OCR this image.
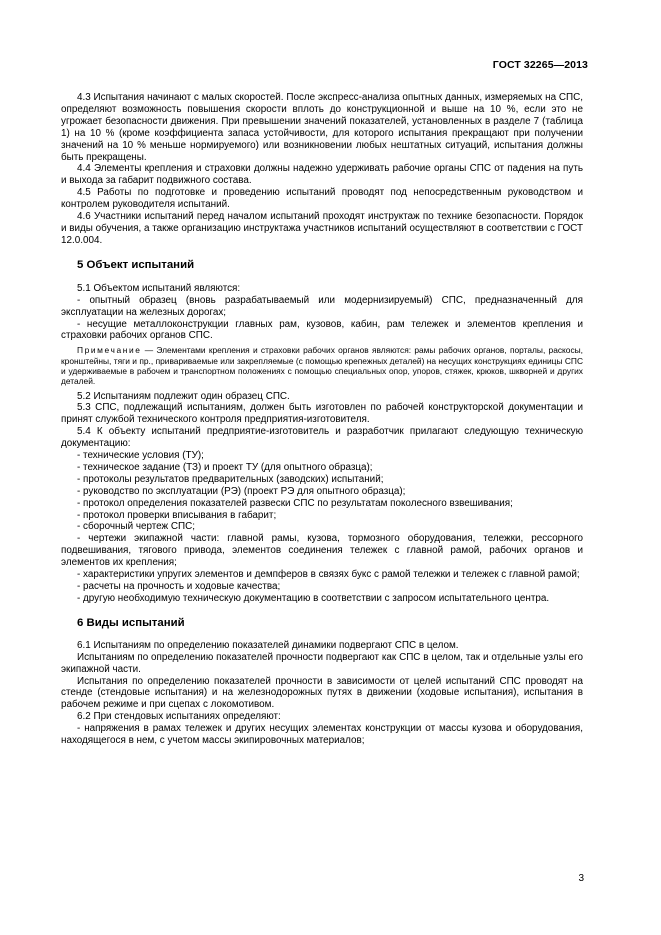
ГОСТ 32265—2013

4.3 Испытания начинают с малых скоростей. После экспресс-анализа опытных данных, измеряемых на СПС, определяют возможность повышения скорости вплоть до конструкционной и выше на 10 %, если это не угрожает безопасности движения. При превышении значений показателей, установленных в разделе 7 (таблица 1) на 10 % (кроме коэффициента запаса устойчивости, для которого испытания прекращают при получении значений на 10 % меньше нормируемого) или возникновении любых нештатных ситуаций, испытания должны быть прекращены.

4.4 Элементы крепления и страховки должны надежно удерживать рабочие органы СПС от падения на путь и выхода за габарит подвижного состава.

4.5 Работы по подготовке и проведению испытаний проводят под непосредственным руководством и контролем руководителя испытаний.

4.6 Участники испытаний перед началом испытаний проходят инструктаж по технике безопасности. Порядок и виды обучения, а также организацию инструктажа участников испытаний осуществляют в соответствии с ГОСТ 12.0.004.

5 Объект испытаний

5.1 Объектом испытаний являются:

- опытный образец (вновь разрабатываемый или модернизируемый) СПС, предназначенный для эксплуатации на железных дорогах;

- несущие металлоконструкции главных рам, кузовов, кабин, рам тележек и элементов крепления и страховки рабочих органов СПС.

Примечание — Элементами крепления и страховки рабочих органов являются: рамы рабочих органов, порталы, раскосы, кронштейны, тяги и пр., привариваемые или закрепляемые (с помощью крепежных деталей) на несущих конструкциях единицы СПС и удерживаемые в рабочем и транспортном положениях с помощью специальных опор, упоров, стяжек, крюков, шкворней и других деталей.

5.2 Испытаниям подлежит один образец СПС.

5.3 СПС, подлежащий испытаниям, должен быть изготовлен по рабочей конструкторской документации и принят службой технического контроля предприятия-изготовителя.

5.4 К объекту испытаний предприятие-изготовитель и разработчик прилагают следующую техническую документацию:

- технические условия (ТУ);

- техническое задание (ТЗ) и проект ТУ (для опытного образца);

- протоколы результатов предварительных (заводских) испытаний;

- руководство по эксплуатации (РЭ) (проект РЭ для опытного образца);

- протокол определения показателей развески СПС по результатам поколесного взвешивания;

- протокол проверки вписывания в габарит;

- сборочный чертеж СПС;

- чертежи экипажной части: главной рамы, кузова, тормозного оборудования, тележки, рессорного подвешивания, тягового привода, элементов соединения тележек с главной рамой, рабочих органов и элементов их крепления;

- характеристики упругих элементов и демпферов в связях букс с рамой тележки и тележек с главной рамой;

- расчеты на прочность и ходовые качества;

- другую необходимую техническую документацию в соответствии с запросом испытательного центра.

6 Виды испытаний

6.1 Испытаниям по определению показателей динамики подвергают СПС в целом.

Испытаниям по определению показателей прочности подвергают как СПС в целом, так и отдельные узлы его экипажной части.

Испытания по определению показателей прочности в зависимости от целей испытаний СПС проводят на стенде (стендовые испытания) и на железнодорожных путях в движении (ходовые испытания), испытания в рабочем режиме и при сцепах с локомотивом.

6.2 При стендовых испытаниях определяют:

- напряжения в рамах тележек и других несущих элементах конструкции от массы кузова и оборудования, находящегося в нем, с учетом массы экипировочных материалов;

3
